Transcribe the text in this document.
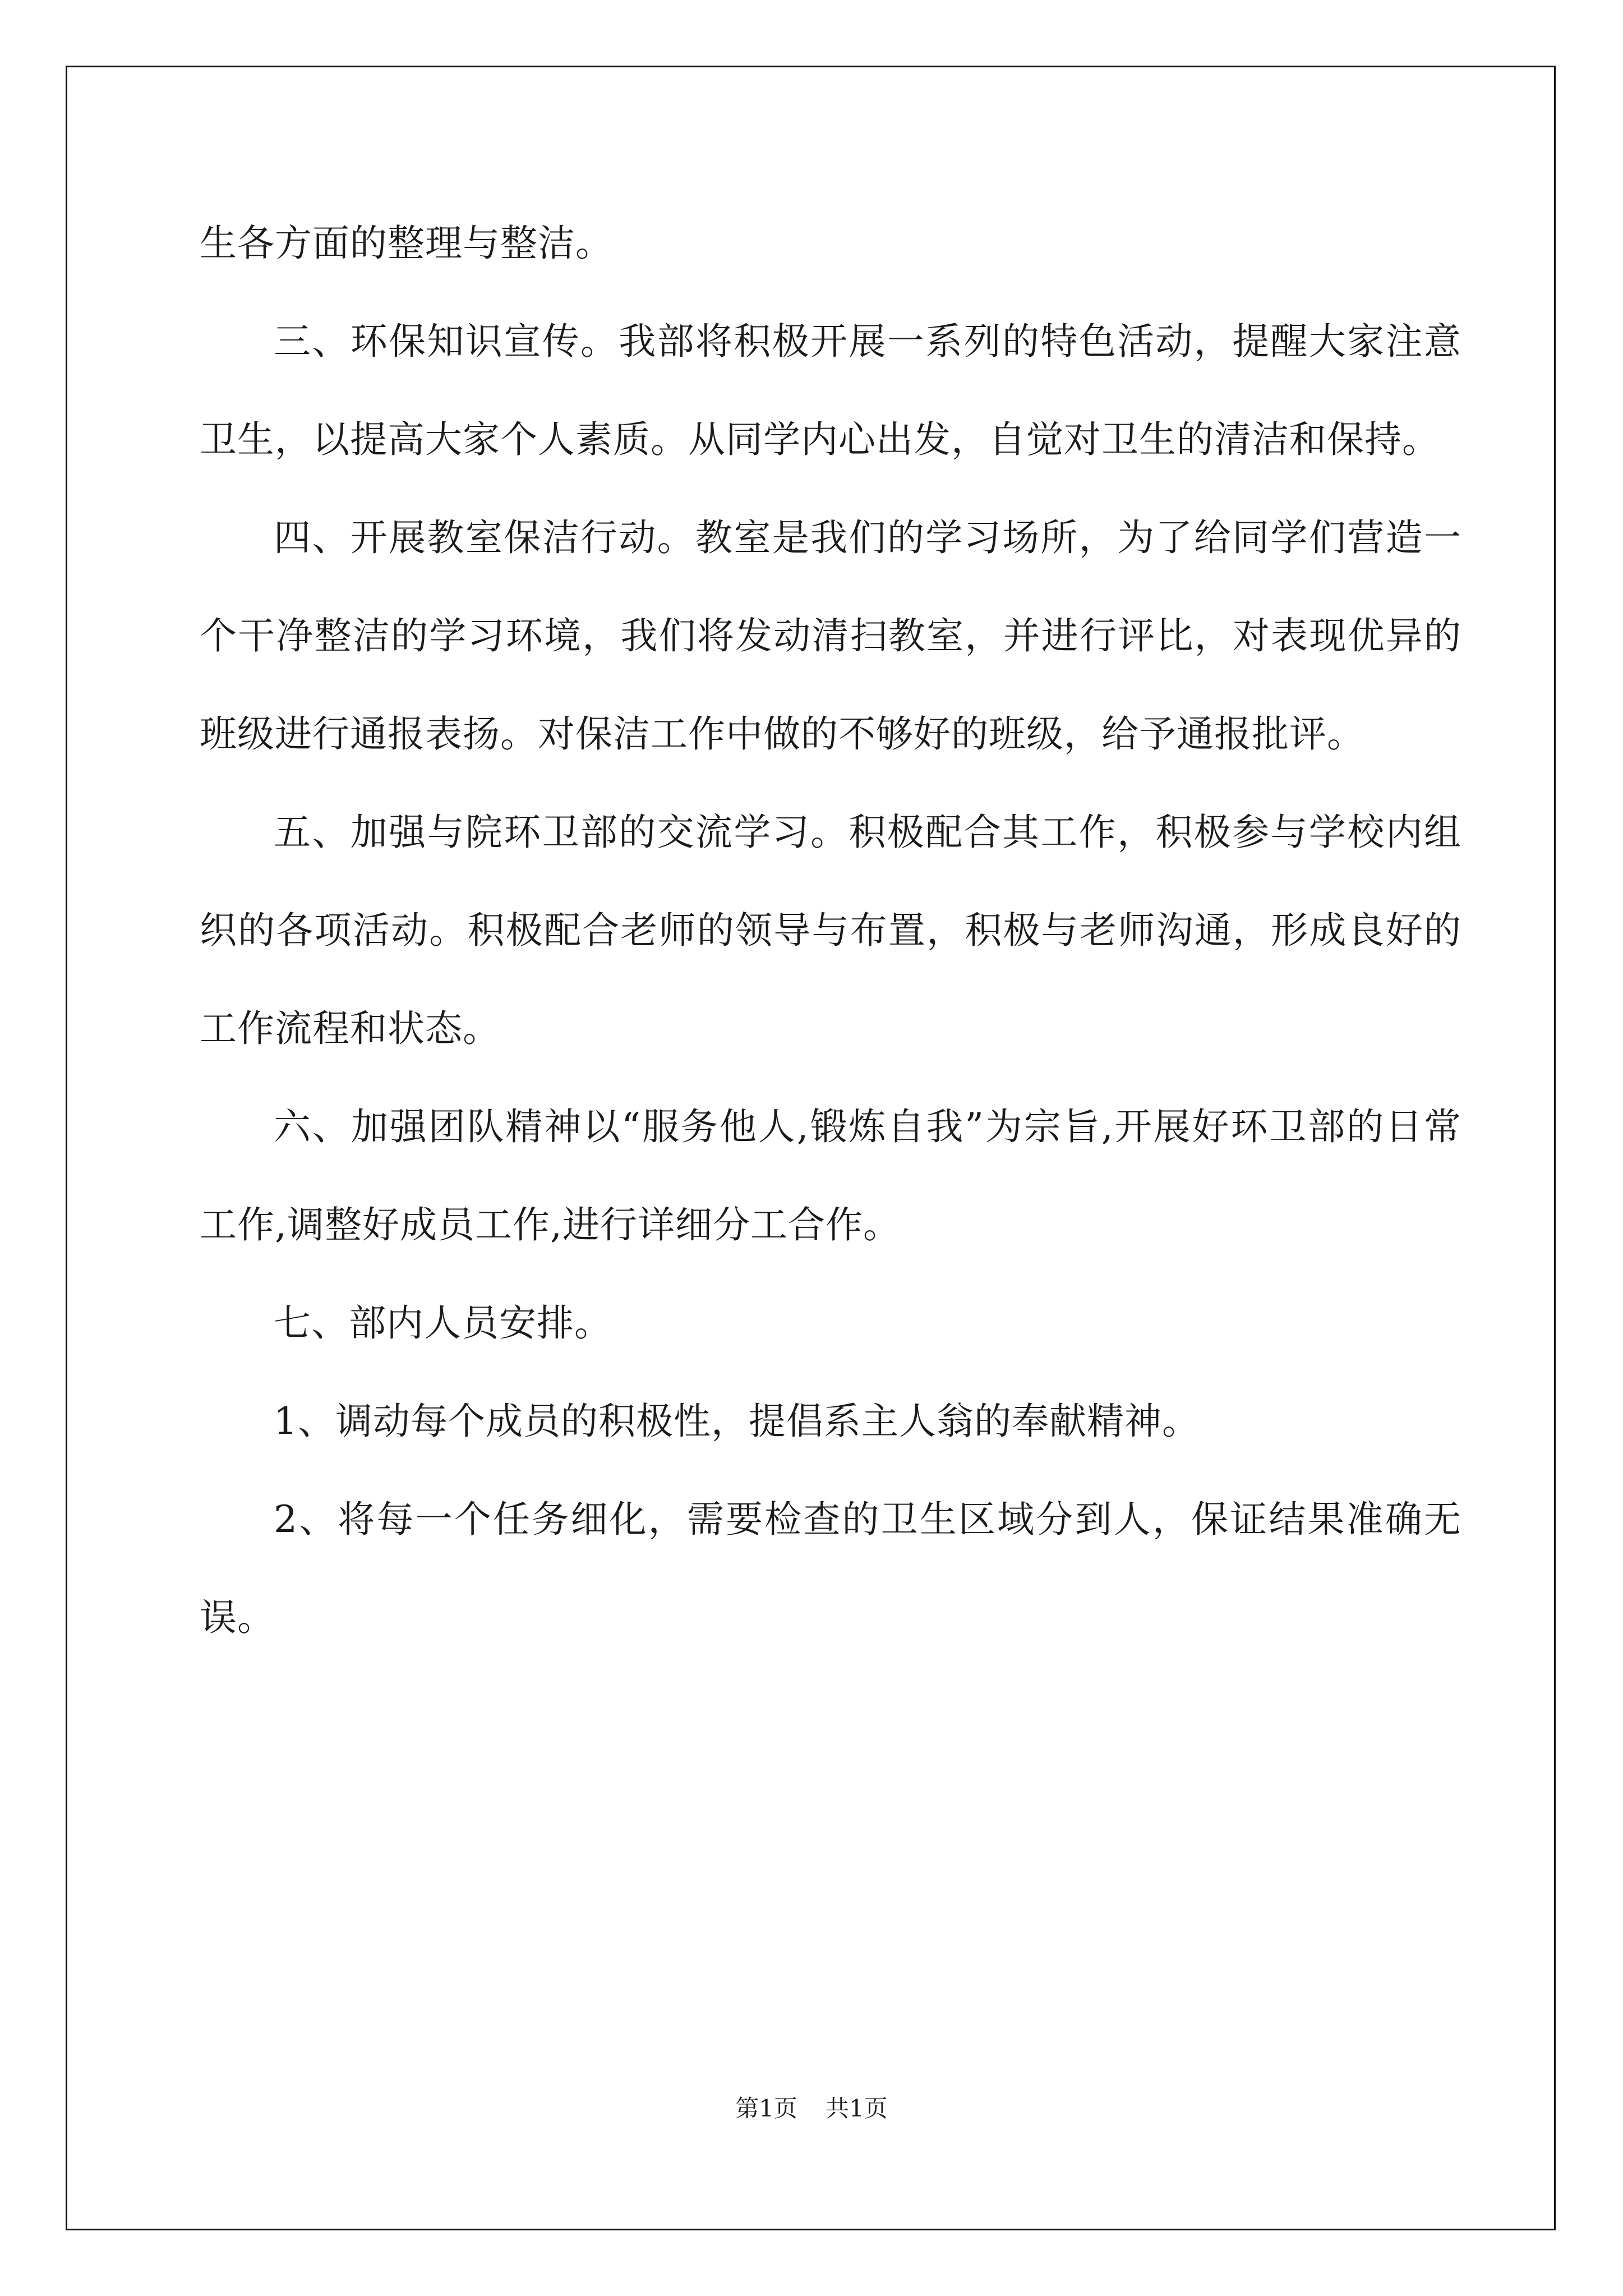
生各方面的整理与整洁。

三、环保知识宣传。我部将积极开展一系列的特色活动，提醒大家注意卫生，以提高大家个人素质。从同学内心出发，自觉对卫生的清洁和保持。

四、开展教室保洁行动。教室是我们的学习场所，为了给同学们营造一个干净整洁的学习环境，我们将发动清扫教室，并进行评比，对表现优异的班级进行通报表扬。对保洁工作中做的不够好的班级，给予通报批评。

五、加强与院环卫部的交流学习。积极配合其工作，积极参与学校内组织的各项活动。积极配合老师的领导与布置，积极与老师沟通，形成良好的工作流程和状态。

六、加强团队精神以“服务他人,锻炼自我”为宗旨,开展好环卫部的日常工作,调整好成员工作,进行详细分工合作。

七、部内人员安排。

1、调动每个成员的积极性，提倡系主人翁的奉献精神。

2、将每一个任务细化，需要检查的卫生区域分到人，保证结果准确无误。

第1页 共1页
